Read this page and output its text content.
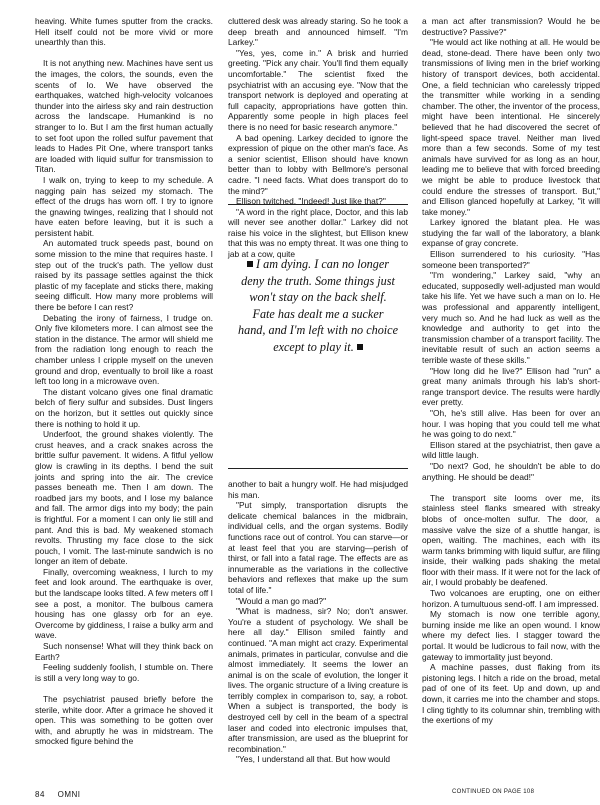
heaving. White fumes sputter from the cracks. Hell itself could not be more vivid or more unearthly than this.

It is not anything new. Machines have sent us the images, the colors, the sounds, even the scents of Io. We have observed the earthquakes, watched high-velocity volcanoes thunder into the airless sky and rain destruction across the landscape. Humankind is no stranger to Io. But I am the first human actually to set foot upon the rolled sulfur pavement that leads to Hades Pit One, where transport tanks are loaded with liquid sulfur for transmission to Titan.

I walk on, trying to keep to my schedule. A nagging pain has seized my stomach. The effect of the drugs has worn off. I try to ignore the gnawing twinges, realizing that I should not have eaten before leaving, but it is such a persistent habit.

An automated truck speeds past, bound on some mission to the mine that requires haste. I step out of the truck's path. The yellow dust raised by its passage settles against the thick plastic of my faceplate and sticks there, making seeing difficult. How many more problems will there be before I can rest?

Debating the irony of fairness, I trudge on. Only five kilometers more. I can almost see the station in the distance. The armor will shield me from the radiation long enough to reach the chamber unless I cripple myself on the uneven ground and drop, eventually to broil like a roast left too long in a microwave oven.

The distant volcano gives one final dramatic belch of fiery sulfur and subsides. Dust lingers on the horizon, but it settles out quickly since there is nothing to hold it up.

Underfoot, the ground shakes violently. The crust heaves, and a crack snakes across the brittle sulfur pavement. It widens. A fitful yellow glow is crawling in its depths. I bend the suit joints and spring into the air. The crevice passes beneath me. Then I am down. The roadbed jars my boots, and I lose my balance and fall. The armor digs into my body; the pain is frightful. For a moment I can only lie still and pant. And this is bad. My weakened stomach revolts. Thrusting my face close to the sick pouch, I vomit. The last-minute sandwich is no longer an item of debate.

Finally, overcoming weakness, I lurch to my feet and look around. The earthquake is over, but the landscape looks tilted. A few meters off I see a post, a monitor. The bulbous camera housing has one glassy orb for an eye. Overcome by giddiness, I raise a bulky arm and wave.

Such nonsense! What will they think back on Earth?

Feeling suddenly foolish, I stumble on. There is still a very long way to go.

The psychiatrist paused briefly before the sterile, white door. After a grimace he shoved it open. This was something to be gotten over with, and abruptly he was in midstream. The smocked figure behind the

cluttered desk was already staring. So he took a deep breath and announced himself. "I'm Larkey."

"Yes, yes, come in." A brisk and hurried greeting. "Pick any chair. You'll find them equally uncomfortable." The scientist fixed the psychiatrist with an accusing eye. "Now that the transport network is deployed and operating at full capacity, appropriations have gotten thin. Apparently some people in high places feel there is no need for basic research anymore."

A bad opening. Larkey decided to ignore the expression of pique on the other man's face. As a senior scientist, Ellison should have known better than to lobby with Bellmore's personal cadre. "I need facts. What does transport do to the mind?"

Ellison twitched. "Indeed! Just like that?"

"A word in the right place, Doctor, and this lab will never see another dollar." Larkey did not raise his voice in the slightest, but Ellison knew that this was no empty threat. It was one thing to jab at a cow, quite

I am dying. I can no longer deny the truth. Some things just won't stay on the back shelf. Fate has dealt me a sucker hand, and I'm left with no choice except to play it.

another to bait a hungry wolf. He had misjudged his man.

"Put simply, transportation disrupts the delicate chemical balances in the midbrain, individual cells, and the organ systems. Bodily functions race out of control. You can starve—or at least feel that you are starving—perish of thirst, or fall into a fatal rage. The effects are as innumerable as the variations in the collective behaviors and reflexes that make up the sum total of life."

"Would a man go mad?"

"What is madness, sir? No; don't answer. You're a student of psychology. We shall be here all day." Ellison smiled faintly and continued. "A man might act crazy. Experimental animals, primates in particular, convulse and die almost immediately. It seems the lower an animal is on the scale of evolution, the longer it lives. The organic structure of a living creature is terribly complex in comparison to, say, a robot. When a subject is transported, the body is destroyed cell by cell in the beam of a spectral laser and coded into electronic impulses that, after transmission, are used as the blueprint for recombination."

"Yes, I understand all that. But how would

a man act after transmission? Would he be destructive? Passive?"

"He would act like nothing at all. He would be dead, stone-dead. There have been only two transmissions of living men in the brief working history of transport devices, both accidental. One, a field technician who carelessly tripped the transmitter while working in a sending chamber. The other, the inventor of the process, might have been intentional. He sincerely believed that he had discovered the secret of light-speed space travel. Neither man lived more than a few seconds. Some of my test animals have survived for as long as an hour, leading me to believe that with forced breeding we might be able to produce livestock that could endure the stresses of transport. But," and Ellison glanced hopefully at Larkey, "it will take money."

Larkey ignored the blatant plea. He was studying the far wall of the laboratory, a blank expanse of gray concrete.

Ellison surrendered to his curiosity. "Has someone been transported?"

"I'm wondering," Larkey said, "why an educated, supposedly well-adjusted man would take his life. Yet we have such a man on Io. He was professional and apparently intelligent, very much so. And he had luck as well as the knowledge and authority to get into the transmission chamber of a transport facility. The inevitable result of such an action seems a terrible waste of these skills."

"How long did he live?" Ellison had "run" a great many animals through his lab's short-range transport device. The results were hardly ever pretty.

"Oh, he's still alive. Has been for over an hour. I was hoping that you could tell me what he was going to do next."

Ellison stared at the psychiatrist, then gave a wild little laugh.

"Do next? God, he shouldn't be able to do anything. He should be dead!"

The transport site looms over me, its stainless steel flanks smeared with streaky blobs of once-molten sulfur. The door, a massive valve the size of a shuttle hangar, is open, waiting. The machines, each with its warm tanks brimming with liquid sulfur, are filing inside, their walking pads shaking the metal floor with their mass. If it were not for the lack of air, I would probably be deafened.

Two volcanoes are erupting, one on either horizon. A tumultuous send-off. I am impressed.

My stomach is now one terrible agony, burning inside me like an open wound. I know where my defect lies. I stagger toward the portal. It would be ludicrous to fail now, with the gateway to immortality just beyond.

A machine passes, dust flaking from its pistoning legs. I hitch a ride on the broad, metal pad of one of its feet. Up and down, up and down, it carries me into the chamber and stops. I cling tightly to its columnar shin, trembling with the exertions of my

84 OMNI	CONTINUED ON PAGE 108
